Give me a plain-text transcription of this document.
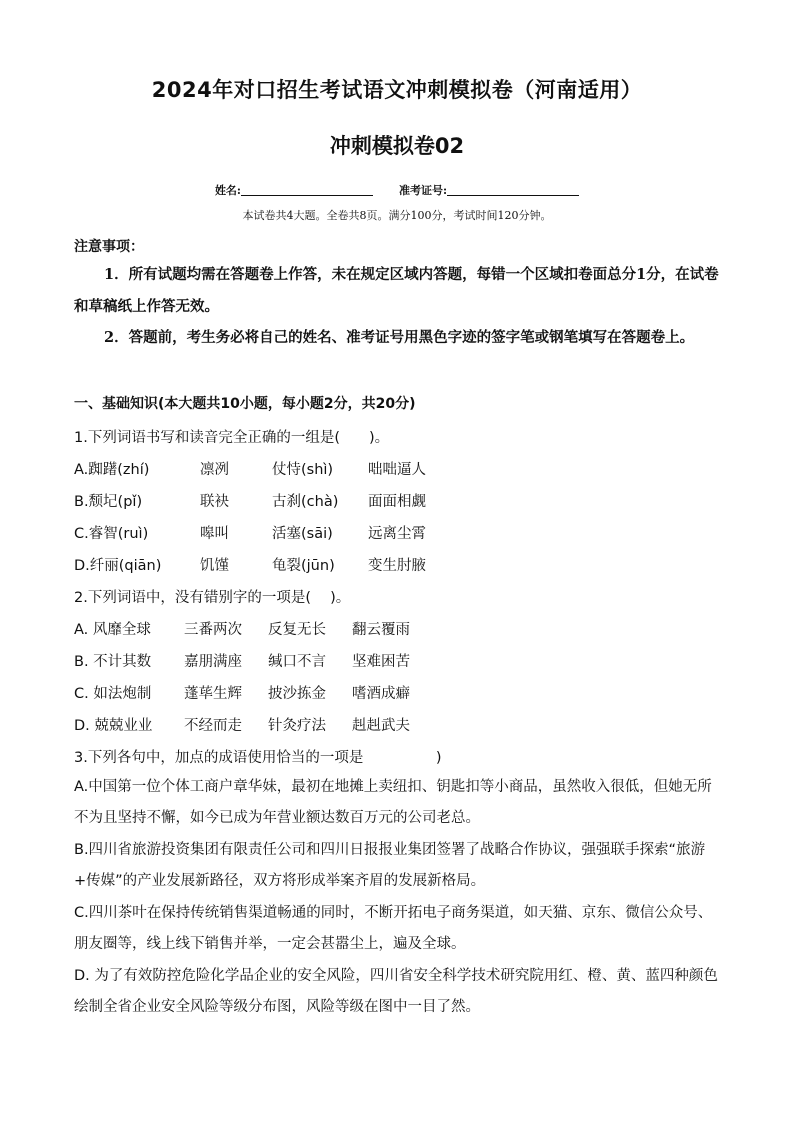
2024年对口招生考试语文冲刺模拟卷（河南适用）
冲刺模拟卷02
姓名:	准考证号:
本试卷共4大题。全卷共8页。满分100分，考试时间120分钟。
注意事项：
1．所有试题均需在答题卷上作答，未在规定区域内答题，每错一个区域扣卷面总分1分，在试卷和草稿纸上作答无效。
2．答题前，考生务必将自己的姓名、准考证号用黑色字迹的签字笔或钢笔填写在答题卷上。
一、基础知识(本大题共10小题，每小题2分，共20分)
1.下列词语书写和读音完全正确的一组是(　　)。
A.踟躇(zhí)	凛冽	仗恃(shì) 咄咄逼人
B.颓圮(pǐ)	联袂	古刹(chà) 面面相觑
C.睿智(ruì)	嗥叫	活塞(sāi) 远离尘霄
D.纤丽(qiān)	饥馑	龟裂(jūn) 变生肘腋
2.下列词语中，没有错别字的一项是(　 )。
A. 风靡全球 三番两次 反复无长 翻云覆雨
B. 不计其数 嘉朋满座 缄口不言 坚难困苦
C. 如法炮制 蓬荜生辉 披沙拣金 嗜酒成癖
D. 兢兢业业 不经而走 针灸疗法 赳赳武夫
3.下列各句中，加点的成语使用恰当的一项是　　　　　)
A.中国第一位个体工商户章华妹，最初在地摊上卖纽扣、钥匙扣等小商品，虽然收入很低，但她无所不为且坚持不懈，如今已成为年营业额达数百万元的公司老总。
B.四川省旅游投资集团有限责任公司和四川日报报业集团签署了战略合作协议，强强联手探索“旅游+传媒”的产业发展新路径，双方将形成举案齐眉的发展新格局。
C.四川茶叶在保持传统销售渠道畅通的同时，不断开拓电子商务渠道，如天猫、京东、微信公众号、朋友圈等，线上线下销售并举，一定会甚嚣尘上，遍及全球。
D. 为了有效防控危险化学品企业的安全风险，四川省安全科学技术研究院用红、橙、黄、蓝四种颜色绘制全省企业安全风险等级分布图，风险等级在图中一目了然。
